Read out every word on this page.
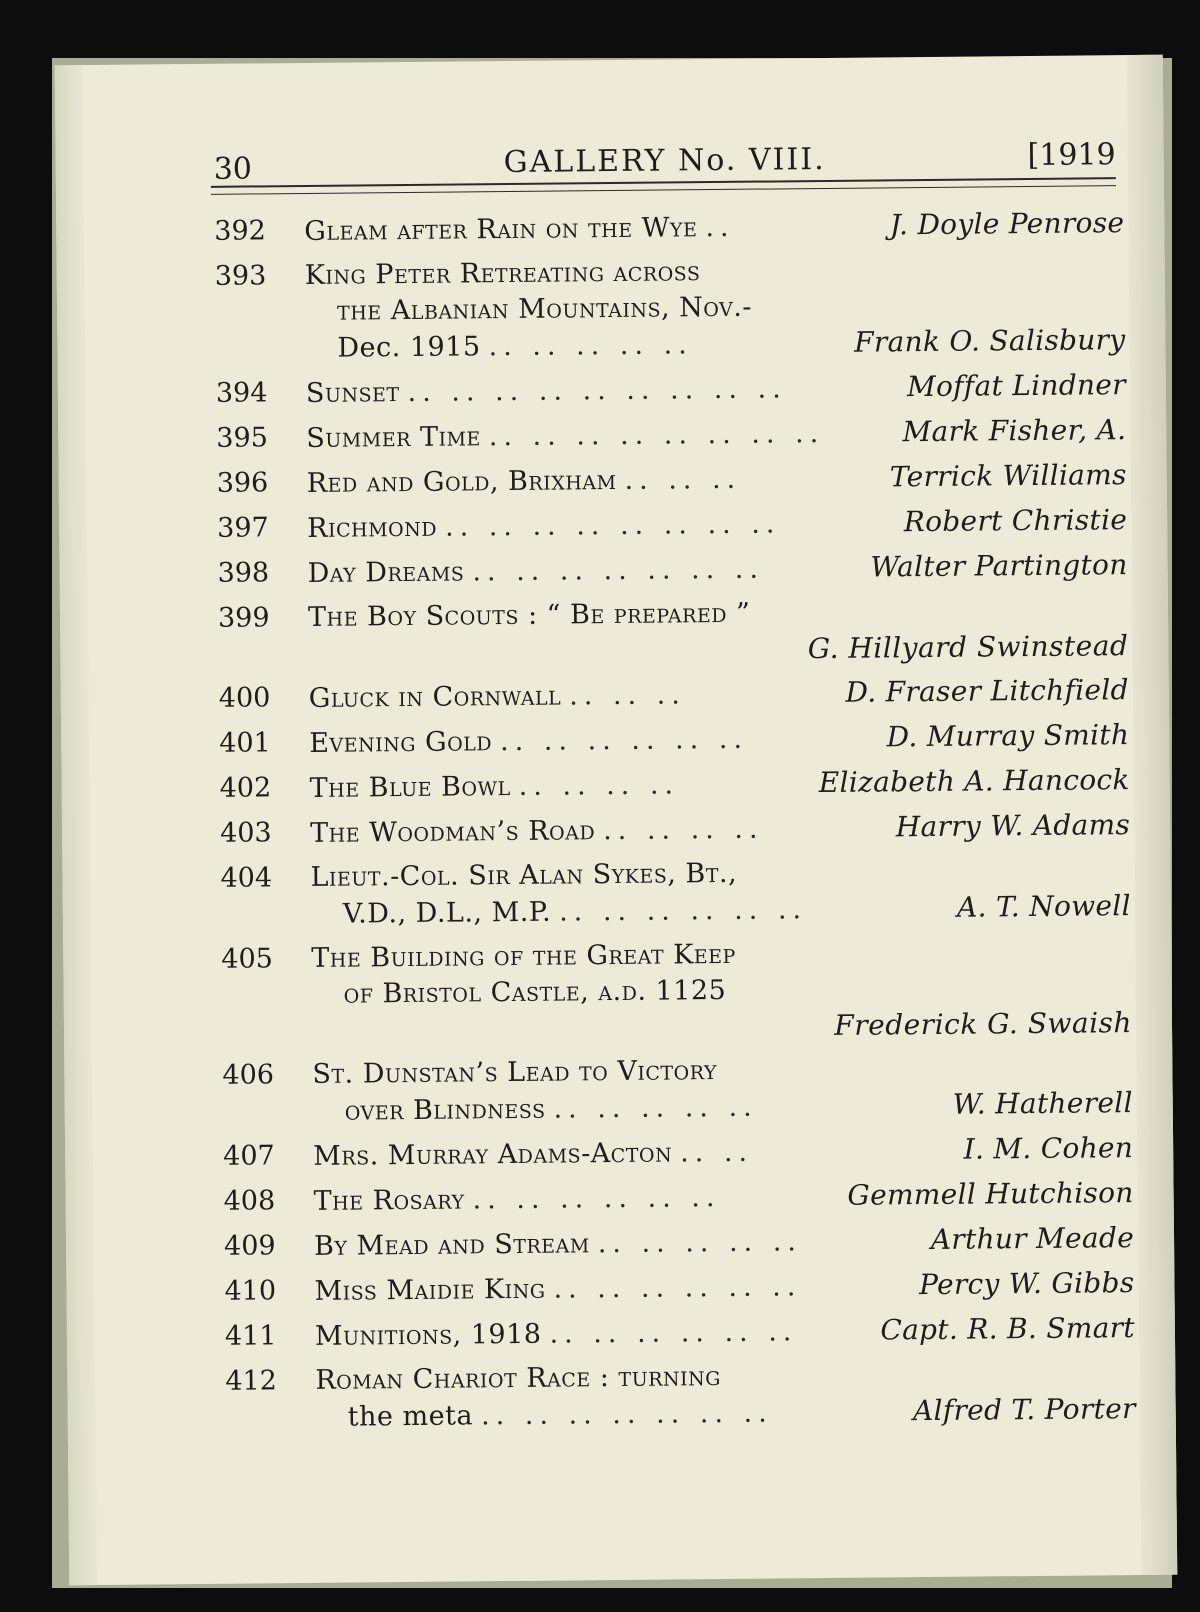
30	GALLERY No. VIII.	[1919
392	Gleam after Rain on the Wye ..	J. Doyle Penrose
393	King Peter Retreating across
the Albanian Mountains, Nov.-
Dec. 1915 .. .. .. .. ..	Frank O. Salisbury
394	Sunset .. .. .. .. .. .. .. .. ..	Moffat Lindner
395	Summer Time .. .. .. .. .. .. .. ..	Mark Fisher, A.
396	Red and Gold, Brixham .. .. ..	Terrick Williams
397	Richmond .. .. .. .. .. .. .. ..	Robert Christie
398	Day Dreams .. .. .. .. .. .. ..	Walter Partington
399	The Boy Scouts : “ Be prepared ”
G. Hillyard Swinstead
400	Gluck in Cornwall .. .. ..	D. Fraser Litchfield
401	Evening Gold .. .. .. .. .. ..	D. Murray Smith
402	The Blue Bowl .. .. .. ..	Elizabeth A. Hancock
403	The Woodman’s Road .. .. .. ..	Harry W. Adams
404	Lieut.-Col. Sir Alan Sykes, Bt.,
V.D., D.L., M.P. .. .. .. .. .. ..	A. T. Nowell
405	The Building of the Great Keep
of Bristol Castle, a.d. 1125
Frederick G. Swaish
406	St. Dunstan’s Lead to Victory
over Blindness .. .. .. .. ..	W. Hatherell
407	Mrs. Murray Adams-Acton .. ..	I. M. Cohen
408	The Rosary .. .. .. .. .. ..	Gemmell Hutchison
409	By Mead and Stream .. .. .. .. ..	Arthur Meade
410	Miss Maidie King .. .. .. .. .. ..	Percy W. Gibbs
411	Munitions, 1918 .. .. .. .. .. ..	Capt. R. B. Smart
412	Roman Chariot Race : turning
the meta .. .. .. .. .. .. ..	Alfred T. Porter
